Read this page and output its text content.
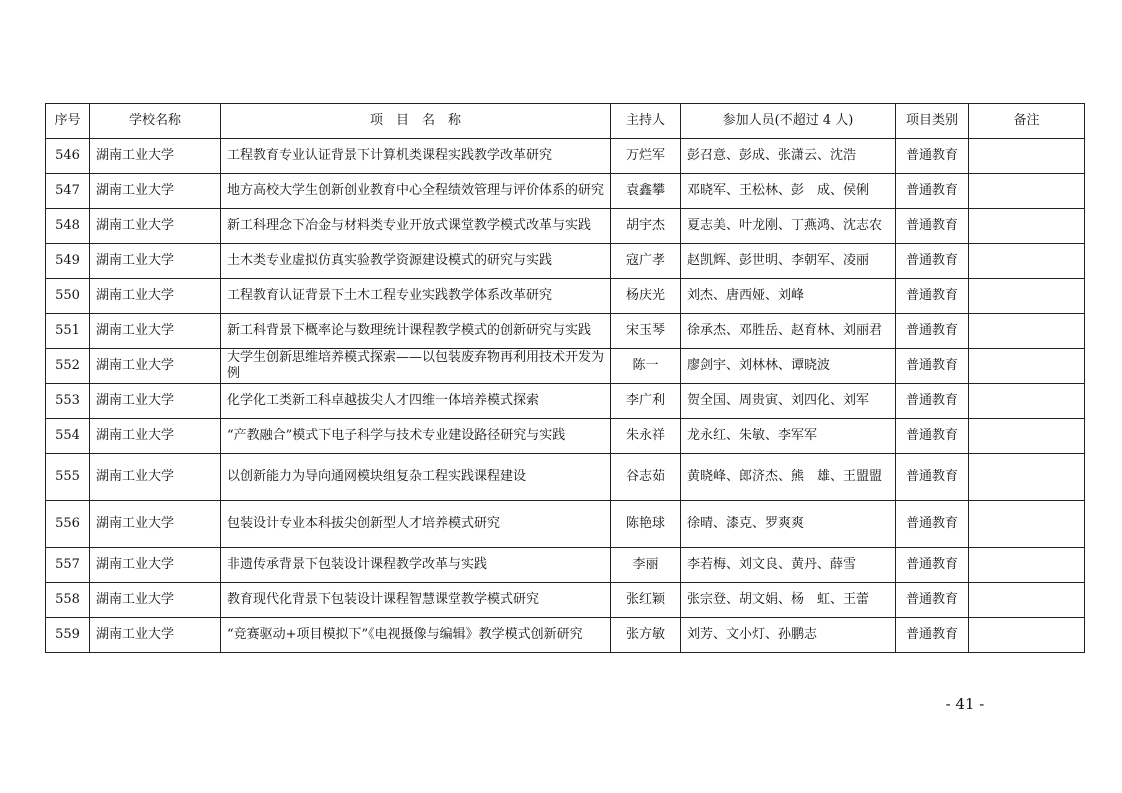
序号	学校名称	项　目　名　称	主持人	参加人员(不超过 4 人)	项目类别	备注
546	湖南工业大学	工程教育专业认证背景下计算机类课程实践教学改革研究	万烂军	彭召意、彭成、张潇云、沈浩	普通教育	
547	湖南工业大学	地方高校大学生创新创业教育中心全程绩效管理与评价体系的研究	袁鑫攀	邓晓军、王松林、彭　成、侯俐	普通教育	
548	湖南工业大学	新工科理念下冶金与材料类专业开放式课堂教学模式改革与实践	胡宇杰	夏志美、叶龙刚、丁燕鸿、沈志农	普通教育	
549	湖南工业大学	土木类专业虚拟仿真实验教学资源建设模式的研究与实践	寇广孝	赵凯辉、彭世明、李朝军、凌丽	普通教育	
550	湖南工业大学	工程教育认证背景下土木工程专业实践教学体系改革研究	杨庆光	刘杰、唐西娅、刘峰	普通教育	
551	湖南工业大学	新工科背景下概率论与数理统计课程教学模式的创新研究与实践	宋玉琴	徐承杰、邓胜岳、赵育林、刘丽君	普通教育	
552	湖南工业大学	大学生创新思维培养模式探索——以包装废弃物再利用技术开发为例	陈一	廖剑宇、刘林林、谭晓波	普通教育	
553	湖南工业大学	化学化工类新工科卓越拔尖人才四维一体培养模式探索	李广利	贺全国、周贵寅、刘四化、刘军	普通教育	
554	湖南工业大学	“产教融合”模式下电子科学与技术专业建设路径研究与实践	朱永祥	龙永红、朱敏、李军军	普通教育	
555	湖南工业大学	以创新能力为导向通网模块组复杂工程实践课程建设	谷志茹	黄晓峰、郎济杰、熊　雄、王盟盟	普通教育	
556	湖南工业大学	包装设计专业本科拔尖创新型人才培养模式研究	陈艳球	徐晴、漆克、罗爽爽	普通教育	
557	湖南工业大学	非遗传承背景下包装设计课程教学改革与实践	李丽	李若梅、刘文良、黄丹、薛雪	普通教育	
558	湖南工业大学	教育现代化背景下包装设计课程智慧课堂教学模式研究	张红颖	张宗登、胡文娟、杨　虹、王蕾	普通教育	
559	湖南工业大学	“竞赛驱动+项目模拟下”《电视摄像与编辑》教学模式创新研究	张方敏	刘芳、文小灯、孙鹏志	普通教育	
- 41 -
